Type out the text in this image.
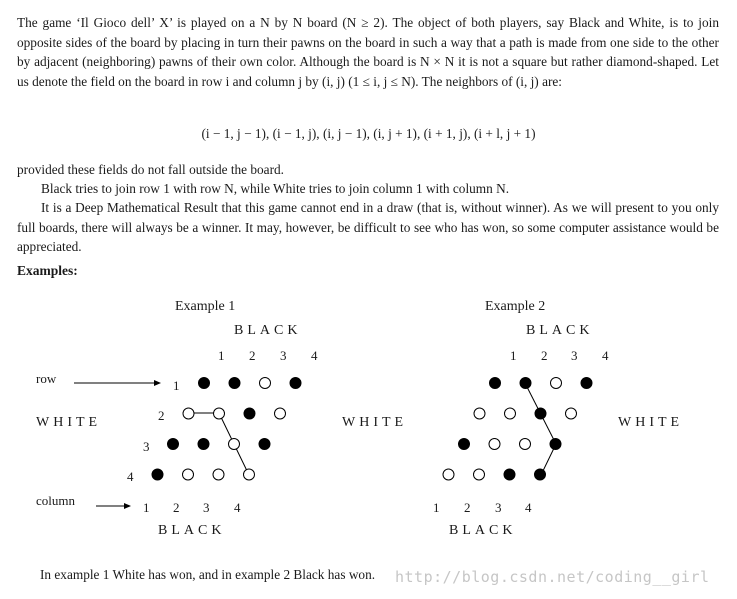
The game ‘Il Gioco dell’ X’ is played on a N by N board (N ≥ 2). The object of both players, say Black and White, is to join opposite sides of the board by placing in turn their pawns on the board in such a way that a path is made from one side to the other by adjacent (neighboring) pawns of their own color. Although the board is N × N it is not a square but rather diamond-shaped. Let us denote the field on the board in row i and column j by (i, j) (1 ≤ i, j ≤ N). The neighbors of (i, j) are:

(i − 1, j − 1), (i − 1, j), (i, j − 1), (i, j + 1), (i + 1, j), (i + l, j + 1)

provided these fields do not fall outside the board.

Black tries to join row 1 with row N, while White tries to join column 1 with column N.

It is a Deep Mathematical Result that this game cannot end in a draw (that is, without winner). As we will present to you only full boards, there will always be a winner. It may, however, be difficult to see who has won, so some computer assistance would be appreciated.

Examples:
Example 1
BLACK
WHITE
BLACK
row
column
1 2 3 4
1
2
3
4
1 2 3 4
WHITE
Example 2
BLACK
WHITE
BLACK
1 2 3 4
1 2 3 4
In example 1 White has won, and in example 2 Black has won. http://blog.csdn.net/coding__girl
